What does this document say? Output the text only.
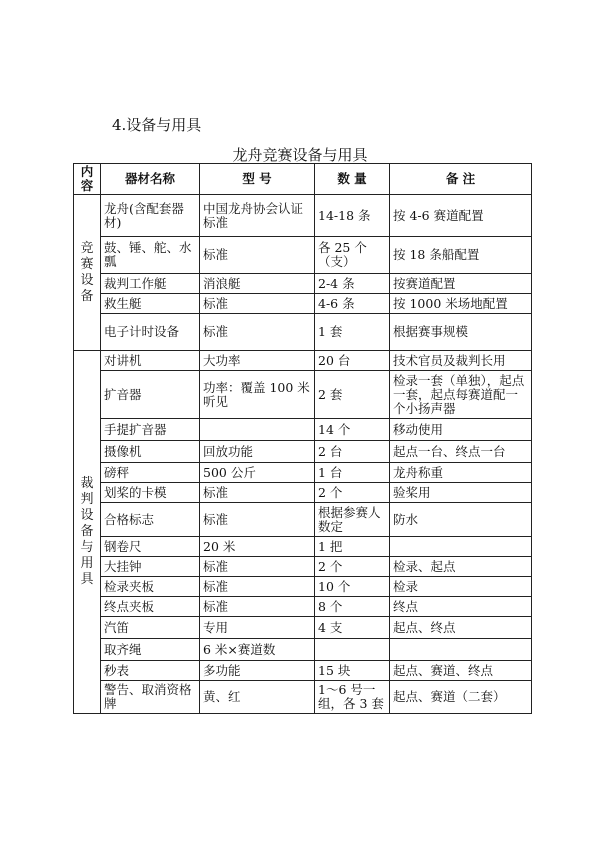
4.设备与用具
龙舟竞赛设备与用具
内容	器材名称	型 号	数 量	备 注
竞赛设备	龙舟(含配套器材)	中国龙舟协会认证标准	14-18 条	按 4-6 赛道配置
	鼓、锤、舵、水瓢	标准	各 25 个（支）	按 18 条船配置
	裁判工作艇	消浪艇	2-4 条	按赛道配置
	救生艇	标准	4-6 条	按 1000 米场地配置
	电子计时设备	标准	1 套	根据赛事规模
裁判设备与用具	对讲机	大功率	20 台	技术官员及裁判长用
	扩音器	功率：覆盖 100 米听见	2 套	检录一套（单独），起点一套，起点每赛道配一个小扬声器
	手提扩音器		14 个	移动使用
	摄像机	回放功能	2 台	起点一台、终点一台
	磅秤	500 公斤	1 台	龙舟称重
	划桨的卡模	标准	2 个	验桨用
	合格标志	标准	根据参赛人数定	防水
	钢卷尺	20 米	1 把	
	大挂钟	标准	2 个	检录、起点
	检录夹板	标准	10 个	检录
	终点夹板	标准	8 个	终点
	汽笛	专用	4 支	起点、终点
	取齐绳	6 米×赛道数		
	秒表	多功能	15 块	起点、赛道、终点
	警告、取消资格牌	黄、红	1～6 号一组，各 3 套	起点、赛道（二套）
